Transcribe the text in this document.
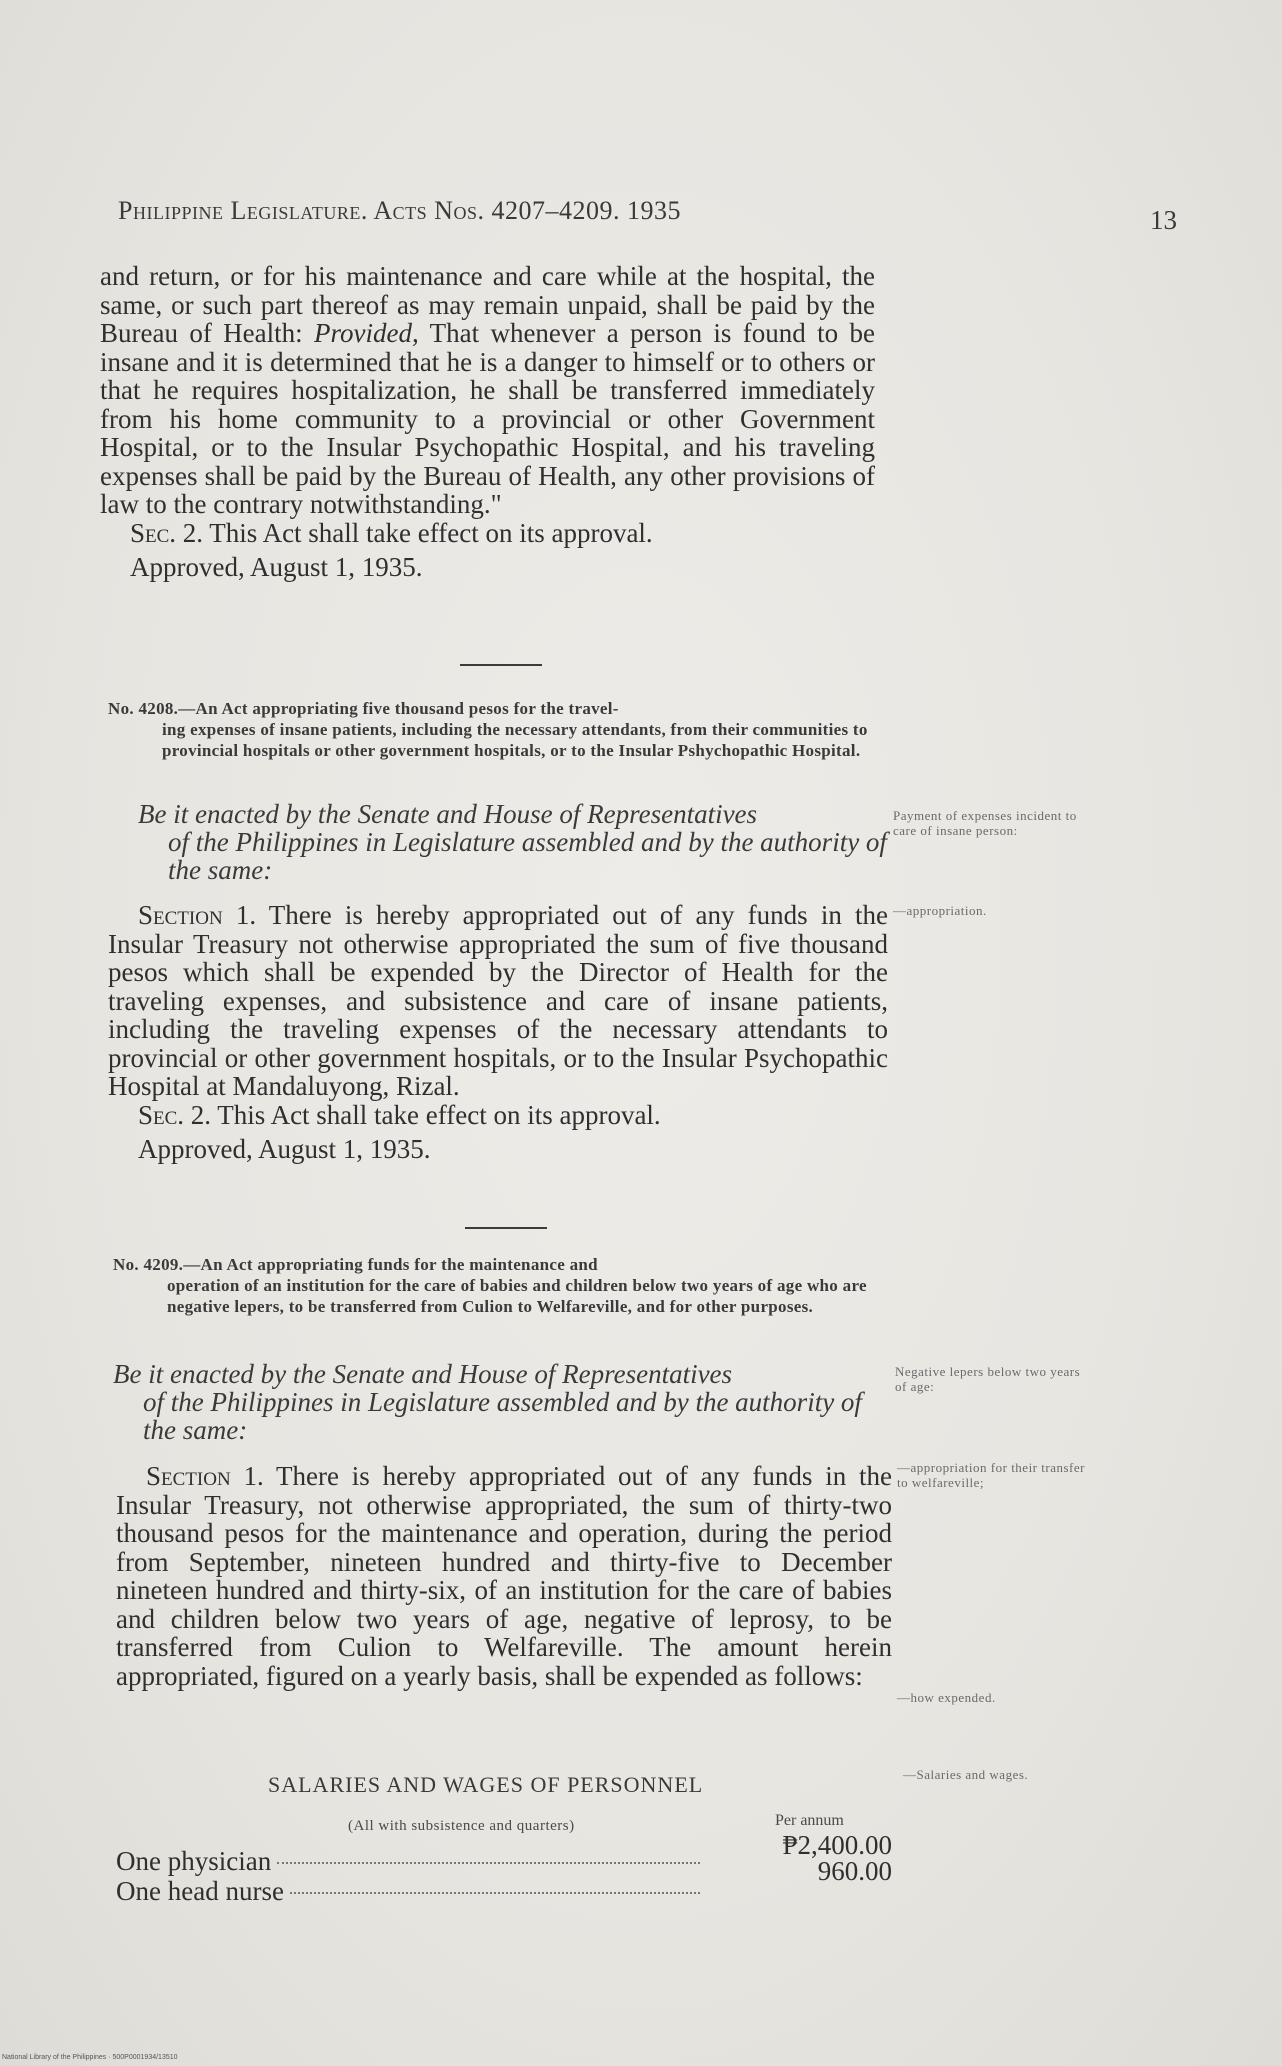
Philippine Legislature. Acts Nos. 4207–4209. 1935	13

and return, or for his maintenance and care while at the hospital, the same, or such part thereof as may remain unpaid, shall be paid by the Bureau of Health: Provided, That whenever a person is found to be insane and it is determined that he is a danger to himself or to others or that he requires hospitalization, he shall be transferred immediately from his home community to a provincial or other Government Hospital, or to the Insular Psychopathic Hospital, and his traveling expenses shall be paid by the Bureau of Health, any other provisions of law to the contrary notwithstanding."

Sec. 2. This Act shall take effect on its approval.

Approved, August 1, 1935.

No. 4208.—An Act appropriating five thousand pesos for the travel-
ing expenses of insane patients, including the necessary attendants, from their communities to provincial hospitals or other government hospitals, or to the Insular Pshychopathic Hospital.
Be it enacted by the Senate and House of Representatives
of the Philippines in Legislature assembled and by the authority of the same:
Payment of expenses incident to care of insane person:

Section 1. There is hereby appropriated out of any funds in the Insular Treasury not otherwise appropriated the sum of five thousand pesos which shall be expended by the Director of Health for the traveling expenses, and subsistence and care of insane patients, including the traveling expenses of the necessary attendants to provincial or other government hospitals, or to the Insular Psychopathic Hospital at Mandaluyong, Rizal.

Sec. 2. This Act shall take effect on its approval.

Approved, August 1, 1935.

—appropriation.
No. 4209.—An Act appropriating funds for the maintenance and
operation of an institution for the care of babies and children below two years of age who are negative lepers, to be transferred from Culion to Welfareville, and for other purposes.
Be it enacted by the Senate and House of Representatives
of the Philippines in Legislature assembled and by the authority of the same:
Negative lepers below two years of age:

Section 1. There is hereby appropriated out of any funds in the Insular Treasury, not otherwise appropriated, the sum of thirty-two thousand pesos for the maintenance and operation, during the period from September, nineteen hundred and thirty-five to December nineteen hundred and thirty-six, of an institution for the care of babies and children below two years of age, negative of leprosy, to be transferred from Culion to Welfareville. The amount herein appropriated, figured on a yearly basis, shall be expended as follows:

—appropriation for their transfer to welfareville;
—how expended.
—Salaries and wages.
SALARIES AND WAGES OF PERSONNEL
(All with subsistence and quarters)	Per annum
One physician
₱2,400.00
One head nurse
960.00
National Library of the Philippines · 500P0001934/13510
